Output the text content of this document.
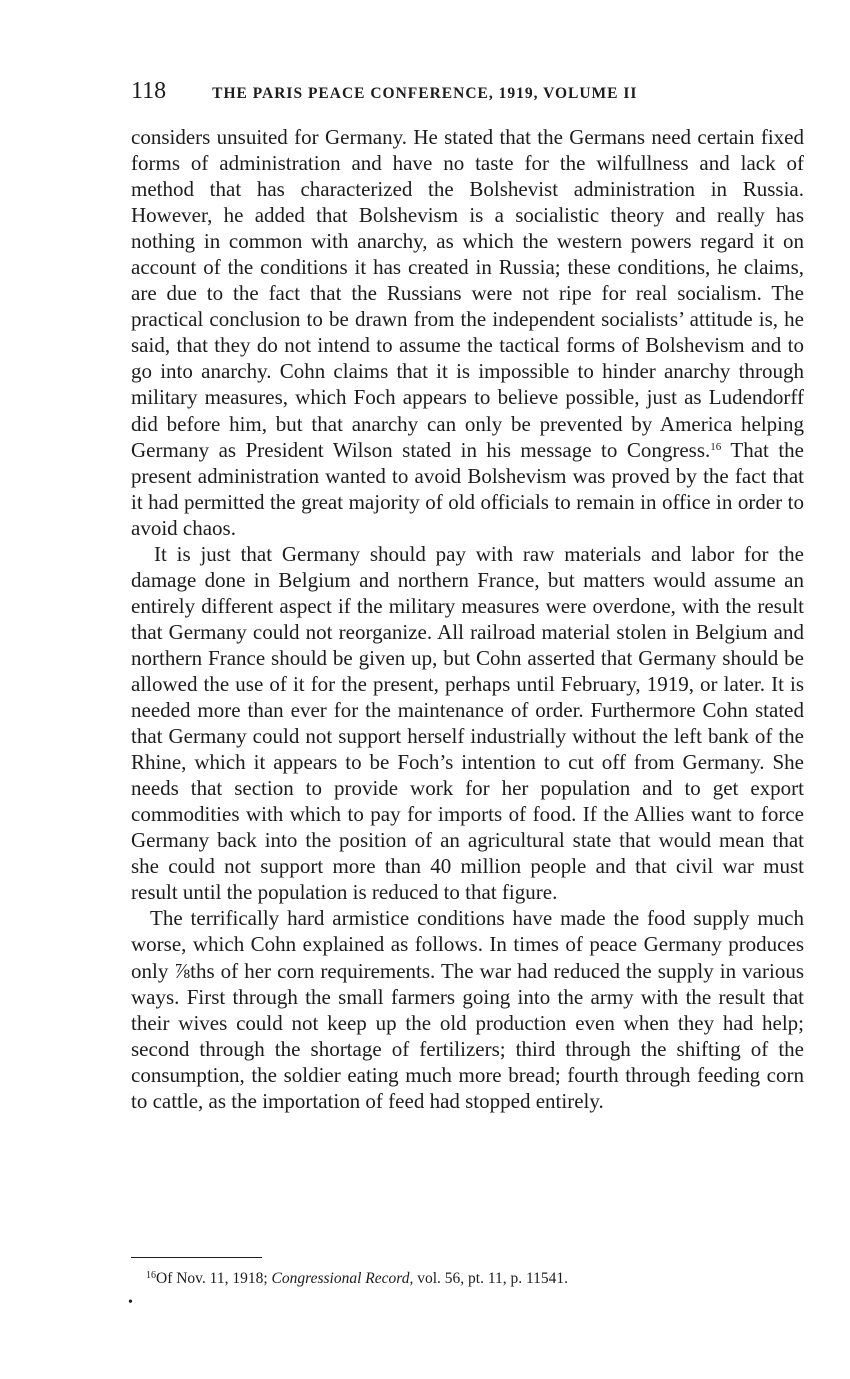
118	THE PARIS PEACE CONFERENCE, 1919, VOLUME II

considers unsuited for Germany. He stated that the Germans need certain fixed forms of administration and have no taste for the wilfullness and lack of method that has characterized the Bolshevist administration in Russia. However, he added that Bolshevism is a socialistic theory and really has nothing in common with anarchy, as which the western powers regard it on account of the conditions it has created in Russia; these conditions, he claims, are due to the fact that the Russians were not ripe for real socialism. The practical conclusion to be drawn from the independent socialists’ attitude is, he said, that they do not intend to assume the tactical forms of Bolshevism and to go into anarchy. Cohn claims that it is impossible to hinder anarchy through military measures, which Foch appears to believe possible, just as Ludendorff did before him, but that anarchy can only be prevented by America helping Germany as President Wilson stated in his message to Congress.$^{16}$ That the present administration wanted to avoid Bolshevism was proved by the fact that it had permitted the great majority of old officials to remain in office in order to avoid chaos.

It is just that Germany should pay with raw materials and labor for the damage done in Belgium and northern France, but matters would assume an entirely different aspect if the military measures were overdone, with the result that Germany could not reorganize. All railroad material stolen in Belgium and northern France should be given up, but Cohn asserted that Germany should be allowed the use of it for the present, perhaps until February, 1919, or later. It is needed more than ever for the maintenance of order. Furthermore Cohn stated that Germany could not support herself industrially without the left bank of the Rhine, which it appears to be Foch’s intention to cut off from Germany. She needs that section to provide work for her population and to get export commodities with which to pay for imports of food. If the Allies want to force Germany back into the position of an agricultural state that would mean that she could not support more than 40 million people and that civil war must result until the population is reduced to that figure.

The terrifically hard armistice conditions have made the food supply much worse, which Cohn explained as follows. In times of peace Germany produces only ⅞ths of her corn requirements. The war had reduced the supply in various ways. First through the small farmers going into the army with the result that their wives could not keep up the old production even when they had help; second through the shortage of fertilizers; third through the shifting of the consumption, the soldier eating much more bread; fourth through feeding corn to cattle, as the importation of feed had stopped entirely.

$^{16}$Of Nov. 11, 1918; Congressional Record, vol. 56, pt. 11, p. 11541.
•
